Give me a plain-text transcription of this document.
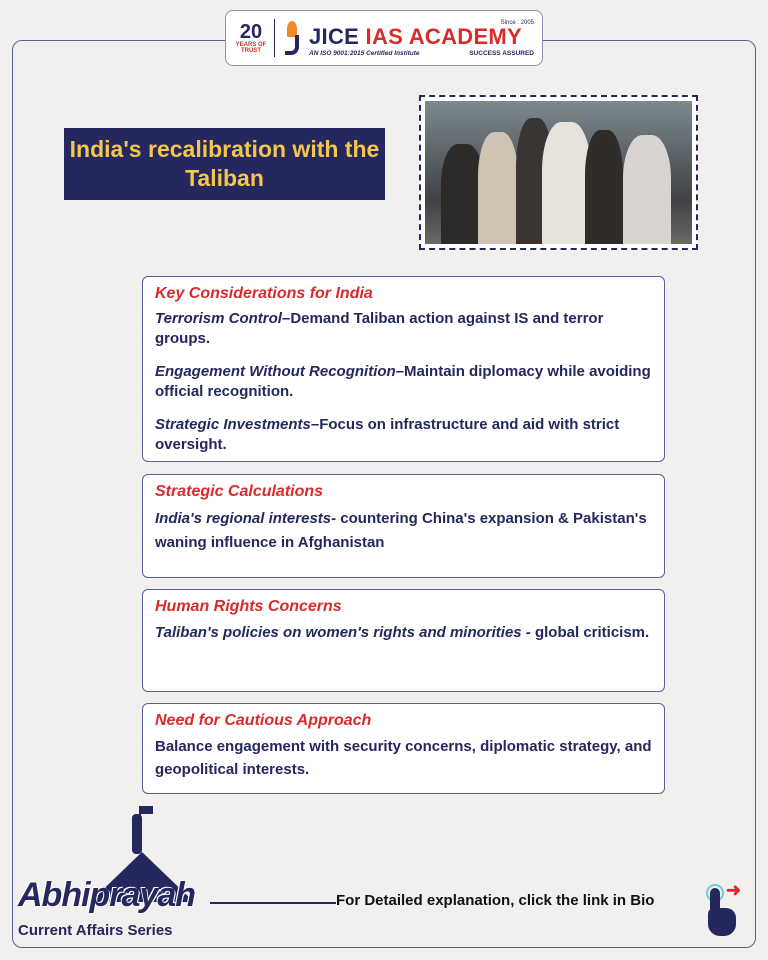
20
YEARS OF TRUST
Since : 2005
JICE IAS ACADEMY
AN ISO 9001:2015 Certified Institute	SUCCESS ASSURED
India's recalibration with the Taliban
Key Considerations for India

Terrorism Control–Demand Taliban action against IS and terror groups.

Engagement Without Recognition–Maintain diplomacy while avoiding official recognition.

Strategic Investments–Focus on infrastructure and aid with strict oversight.

Strategic Calculations

India's regional interests- countering China's expansion & Pakistan's waning influence in Afghanistan

Human Rights Concerns

Taliban's policies on women's rights and minorities - global criticism.

Need for Cautious Approach

Balance engagement with security concerns, diplomatic strategy, and geopolitical interests.

Abhiprayah
Current Affairs Series
For Detailed explanation, click the link in Bio
➜
